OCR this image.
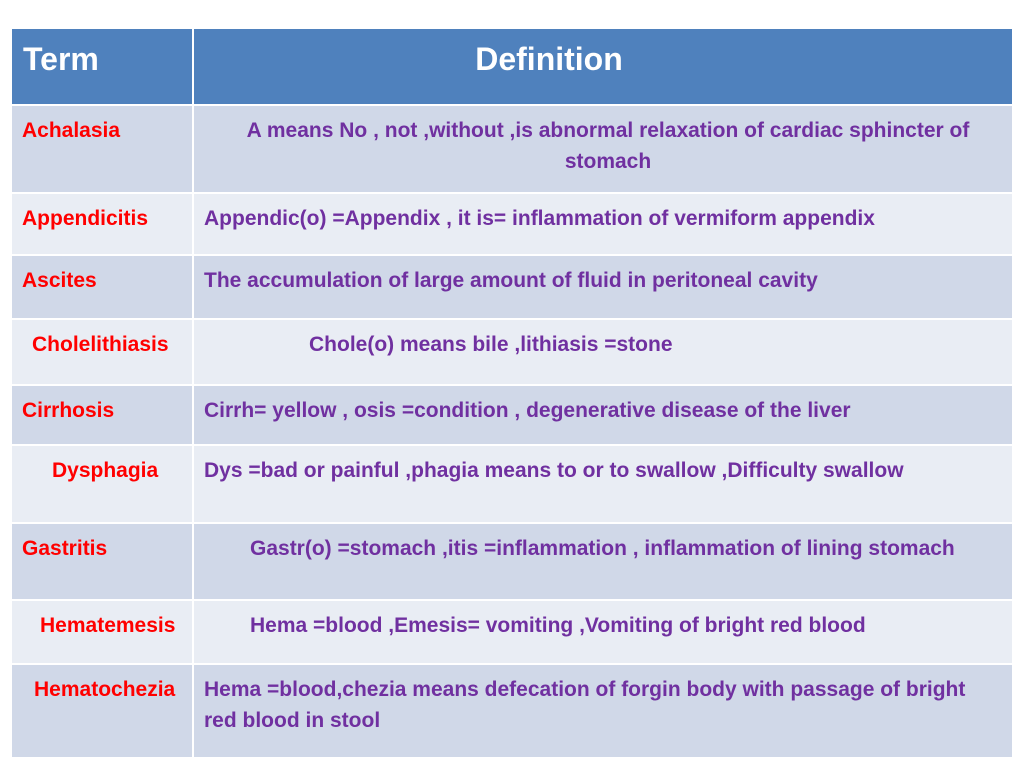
Term	Definition
Achalasia	A means No , not ,without ,is abnormal relaxation of cardiac sphincter of stomach
Appendicitis	Appendic(o) =Appendix , it is= inflammation of vermiform appendix
Ascites	The accumulation of large amount of fluid in peritoneal cavity
Cholelithiasis	Chole(o) means bile ,lithiasis =stone
Cirrhosis	Cirrh= yellow , osis =condition , degenerative disease of the liver
Dysphagia	Dys =bad or painful ,phagia means to or to swallow ,Difficulty swallow
Gastritis	Gastr(o) =stomach ,itis =inflammation , inflammation of lining stomach
Hematemesis	Hema =blood ,Emesis= vomiting ,Vomiting of bright red blood
Hematochezia	Hema =blood,chezia means defecation of forgin body with passage of bright red blood in stool
